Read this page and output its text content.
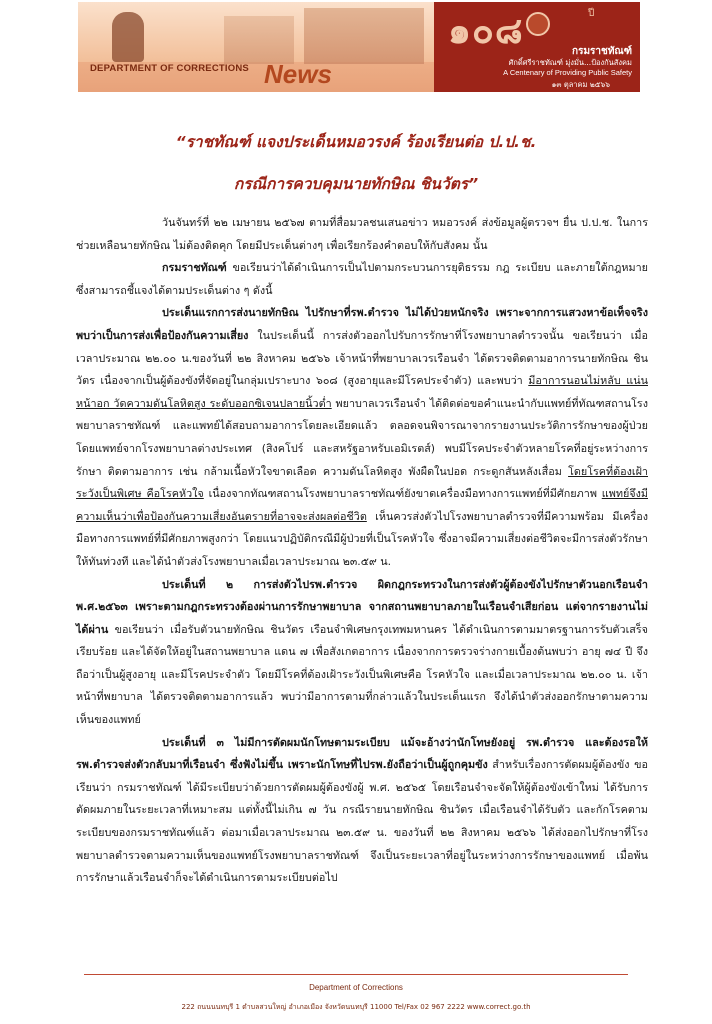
DEPARTMENT OF CORRECTIONS News
๑๐๘	ปี
กรมราชทัณฑ์
ศักดิ์ศรีราชทัณฑ์ มุ่งมั่น...ป้องกันสังคม
A Centenary of Providing Public Safety
๑๓ ตุลาคม ๒๕๖๖
“ราชทัณฑ์ แจงประเด็นหมอวรงค์ ร้องเรียนต่อ ป.ป.ช.
กรณีการควบคุมนายทักษิณ ชินวัตร”

วันจันทร์ที่ ๒๒ เมษายน ๒๕๖๗ ตามที่สื่อมวลชนเสนอข่าว หมอวรงค์ ส่งข้อมูลผู้ตรวจฯ ยื่น ป.ป.ช. ในการช่วยเหลือนายทักษิณ ไม่ต้องติดคุก โดยมีประเด็นต่างๆ เพื่อเรียกร้องคำตอบให้กับสังคม นั้น

กรมราชทัณฑ์ ขอเรียนว่าได้ดำเนินการเป็นไปตามกระบวนการยุติธรรม กฎ ระเบียบ และภายใต้กฎหมาย ซึ่งสามารถชี้แจงได้ตามประเด็นต่าง ๆ ดังนี้

ประเด็นแรกการส่งนายทักษิณ ไปรักษาที่รพ.ตำรวจ ไม่ได้ป่วยหนักจริง เพราะจากการแสวงหาข้อเท็จจริง พบว่าเป็นการส่งเพื่อป้องกันความเสี่ยง ในประเด็นนี้ การส่งตัวออกไปรับการรักษาที่โรงพยาบาลตำรวจนั้น ขอเรียนว่า เมื่อเวลาประมาณ ๒๒.๐๐ น.ของวันที่ ๒๒ สิงหาคม ๒๕๖๖ เจ้าหน้าที่พยาบาลเวรเรือนจำ ได้ตรวจติดตามอาการนายทักษิณ ชินวัตร เนื่องจากเป็นผู้ต้องขังที่จัดอยู่ในกลุ่มเปราะบาง ๖๐๘ (สูงอายุและมีโรคประจำตัว) และพบว่า มีอาการนอนไม่หลับ แน่นหน้าอก วัดความดันโลหิตสูง ระดับออกซิเจนปลายนิ้วต่ำ พยาบาลเวรเรือนจำ ได้ติดต่อขอคำแนะนำกับแพทย์ที่ทัณฑสถานโรงพยาบาลราชทัณฑ์ และแพทย์ได้สอบถามอาการโดยละเอียดแล้ว ตลอดจนพิจารณาจากรายงานประวัติการรักษาของผู้ป่วย โดยแพทย์จากโรงพยาบาลต่างประเทศ (สิงคโปร์ และสหรัฐอาหรับเอมิเรตส์) พบมีโรคประจำตัวหลายโรคที่อยู่ระหว่างการรักษา ติดตามอาการ เช่น กล้ามเนื้อหัวใจขาดเลือด ความดันโลหิตสูง พังผืดในปอด กระดูกสันหลังเสื่อม โดยโรคที่ต้องเฝ้าระวังเป็นพิเศษ คือโรคหัวใจ เนื่องจากทัณฑสถานโรงพยาบาลราชทัณฑ์ยังขาดเครื่องมือทางการแพทย์ที่มีศักยภาพ แพทย์จึงมีความเห็นว่าเพื่อป้องกันความเสี่ยงอันตรายที่อาจจะส่งผลต่อชีวิต เห็นควรส่งตัวไปโรงพยาบาลตำรวจที่มีความพร้อม มีเครื่องมือทางการแพทย์ที่มีศักยภาพสูงกว่า โดยแนวปฏิบัติกรณีมีผู้ป่วยที่เป็นโรคหัวใจ ซึ่งอาจมีความเสี่ยงต่อชีวิตจะมีการส่งตัวรักษาให้ทันท่วงที และได้นำตัวส่งโรงพยาบาลเมื่อเวลาประมาณ ๒๓.๕๙ น.

ประเด็นที่ ๒ การส่งตัวไปรพ.ตำรวจ ผิดกฎกระทรวงในการส่งตัวผู้ต้องขังไปรักษาตัวนอกเรือนจำ พ.ศ.๒๕๖๓ เพราะตามกฎกระทรวงต้องผ่านการรักษาพยาบาล จากสถานพยาบาลภายในเรือนจำเสียก่อน แต่จากรายงานไม่ได้ผ่าน ขอเรียนว่า เมื่อรับตัวนายทักษิณ ชินวัตร เรือนจำพิเศษกรุงเทพมหานคร ได้ดำเนินการตามมาตรฐานการรับตัวเสร็จเรียบร้อย และได้จัดให้อยู่ในสถานพยาบาล แดน ๗ เพื่อสังเกตอาการ เนื่องจากการตรวจร่างกายเบื้องต้นพบว่า อายุ ๗๔ ปี จึงถือว่าเป็นผู้สูงอายุ และมีโรคประจำตัว โดยมีโรคที่ต้องเฝ้าระวังเป็นพิเศษคือ โรคหัวใจ และเมื่อเวลาประมาณ ๒๒.๐๐ น. เจ้าหน้าที่พยาบาล ได้ตรวจติดตามอาการแล้ว พบว่ามีอาการตามที่กล่าวแล้วในประเด็นแรก จึงได้นำตัวส่งออกรักษาตามความเห็นของแพทย์

ประเด็นที่ ๓ ไม่มีการตัดผมนักโทษตามระเบียบ แม้จะอ้างว่านักโทษยังอยู่ รพ.ตำรวจ และต้องรอให้ รพ.ตำรวจส่งตัวกลับมาที่เรือนจำ ซึ่งฟังไม่ขึ้น เพราะนักโทษที่ไปรพ.ยังถือว่าเป็นผู้ถูกคุมขัง สำหรับเรื่องการตัดผมผู้ต้องขัง ขอเรียนว่า กรมราชทัณฑ์ ได้มีระเบียบว่าด้วยการตัดผมผู้ต้องขังผู้ พ.ศ. ๒๕๖๕ โดยเรือนจำจะจัดให้ผู้ต้องขังเข้าใหม่ ได้รับการตัดผมภายในระยะเวลาที่เหมาะสม แต่ทั้งนี้ไม่เกิน ๗ วัน กรณีรายนายทักษิณ ชินวัตร เมื่อเรือนจำได้รับตัว และกักโรคตามระเบียบของกรมราชทัณฑ์แล้ว ต่อมาเมื่อเวลาประมาณ ๒๓.๕๙ น. ของวันที่ ๒๒ สิงหาคม ๒๕๖๖ ได้ส่งออกไปรักษาที่โรงพยาบาลตำรวจตามความเห็นของแพทย์โรงพยาบาลราชทัณฑ์ จึงเป็นระยะเวลาที่อยู่ในระหว่างการรักษาของแพทย์ เมื่อพ้นการรักษาแล้วเรือนจำก็จะได้ดำเนินการตามระเบียบต่อไป

Department of Corrections
222 ถนนนนทบุรี 1 ตำบลสวนใหญ่ อำเภอเมือง จังหวัดนนทบุรี 11000 Tel/Fax 02 967 2222 www.correct.go.th
